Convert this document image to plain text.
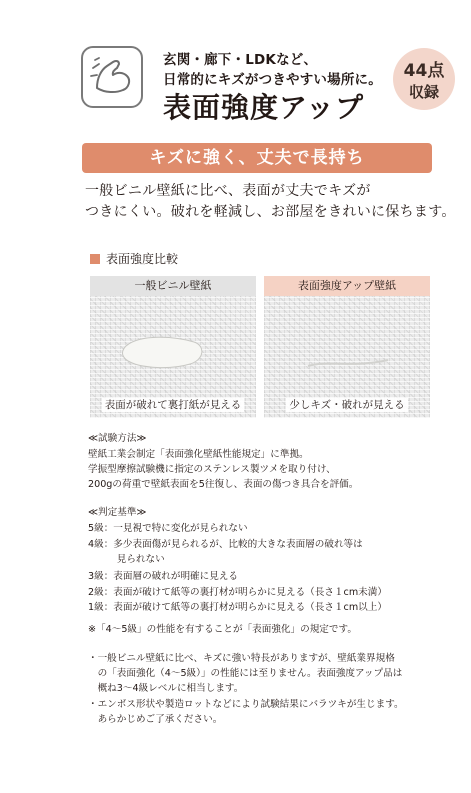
玄関・廊下・LDKなど、
日常的にキズがつきやすい場所に。
表面強度アップ
44点
収録
キズに強く、丈夫で長持ち
一般ビニル壁紙に比べ、表面が丈夫でキズが
つきにくい。破れを軽減し、お部屋をきれいに保ちます。
表面強度比較
一般ビニル壁紙	表面強度アップ壁紙
表面が破れて裏打紙が見える	少しキズ・破れが見える
≪試験方法≫
壁紙工業会制定「表面強化壁紙性能規定」に準拠。
学振型摩擦試験機に指定のステンレス製ツメを取り付け、
200gの荷重で壁紙表面を5往復し、表面の傷つき具合を評価。
≪判定基準≫
5級：一見視で特に変化が見られない
4級：多少表面傷が見られるが、比較的大きな表面層の破れ等は
　　　見られない
3級：表面層の破れが明確に見える
2級：表面が破けて紙等の裏打材が明らかに見える（長さ１cm未満）
1級：表面が破けて紙等の裏打材が明らかに見える（長さ１cm以上）
※「4～5級」の性能を有することが「表面強化」の規定です。
・一般ビニル壁紙に比べ、キズに強い特長がありますが、壁紙業界規格
　の「表面強化（4～5級）」の性能には至りません。表面強度アップ品は
　概ね3～4級レベルに相当します。
・エンボス形状や製造ロットなどにより試験結果にバラツキが生じます。
　あらかじめご了承ください。
